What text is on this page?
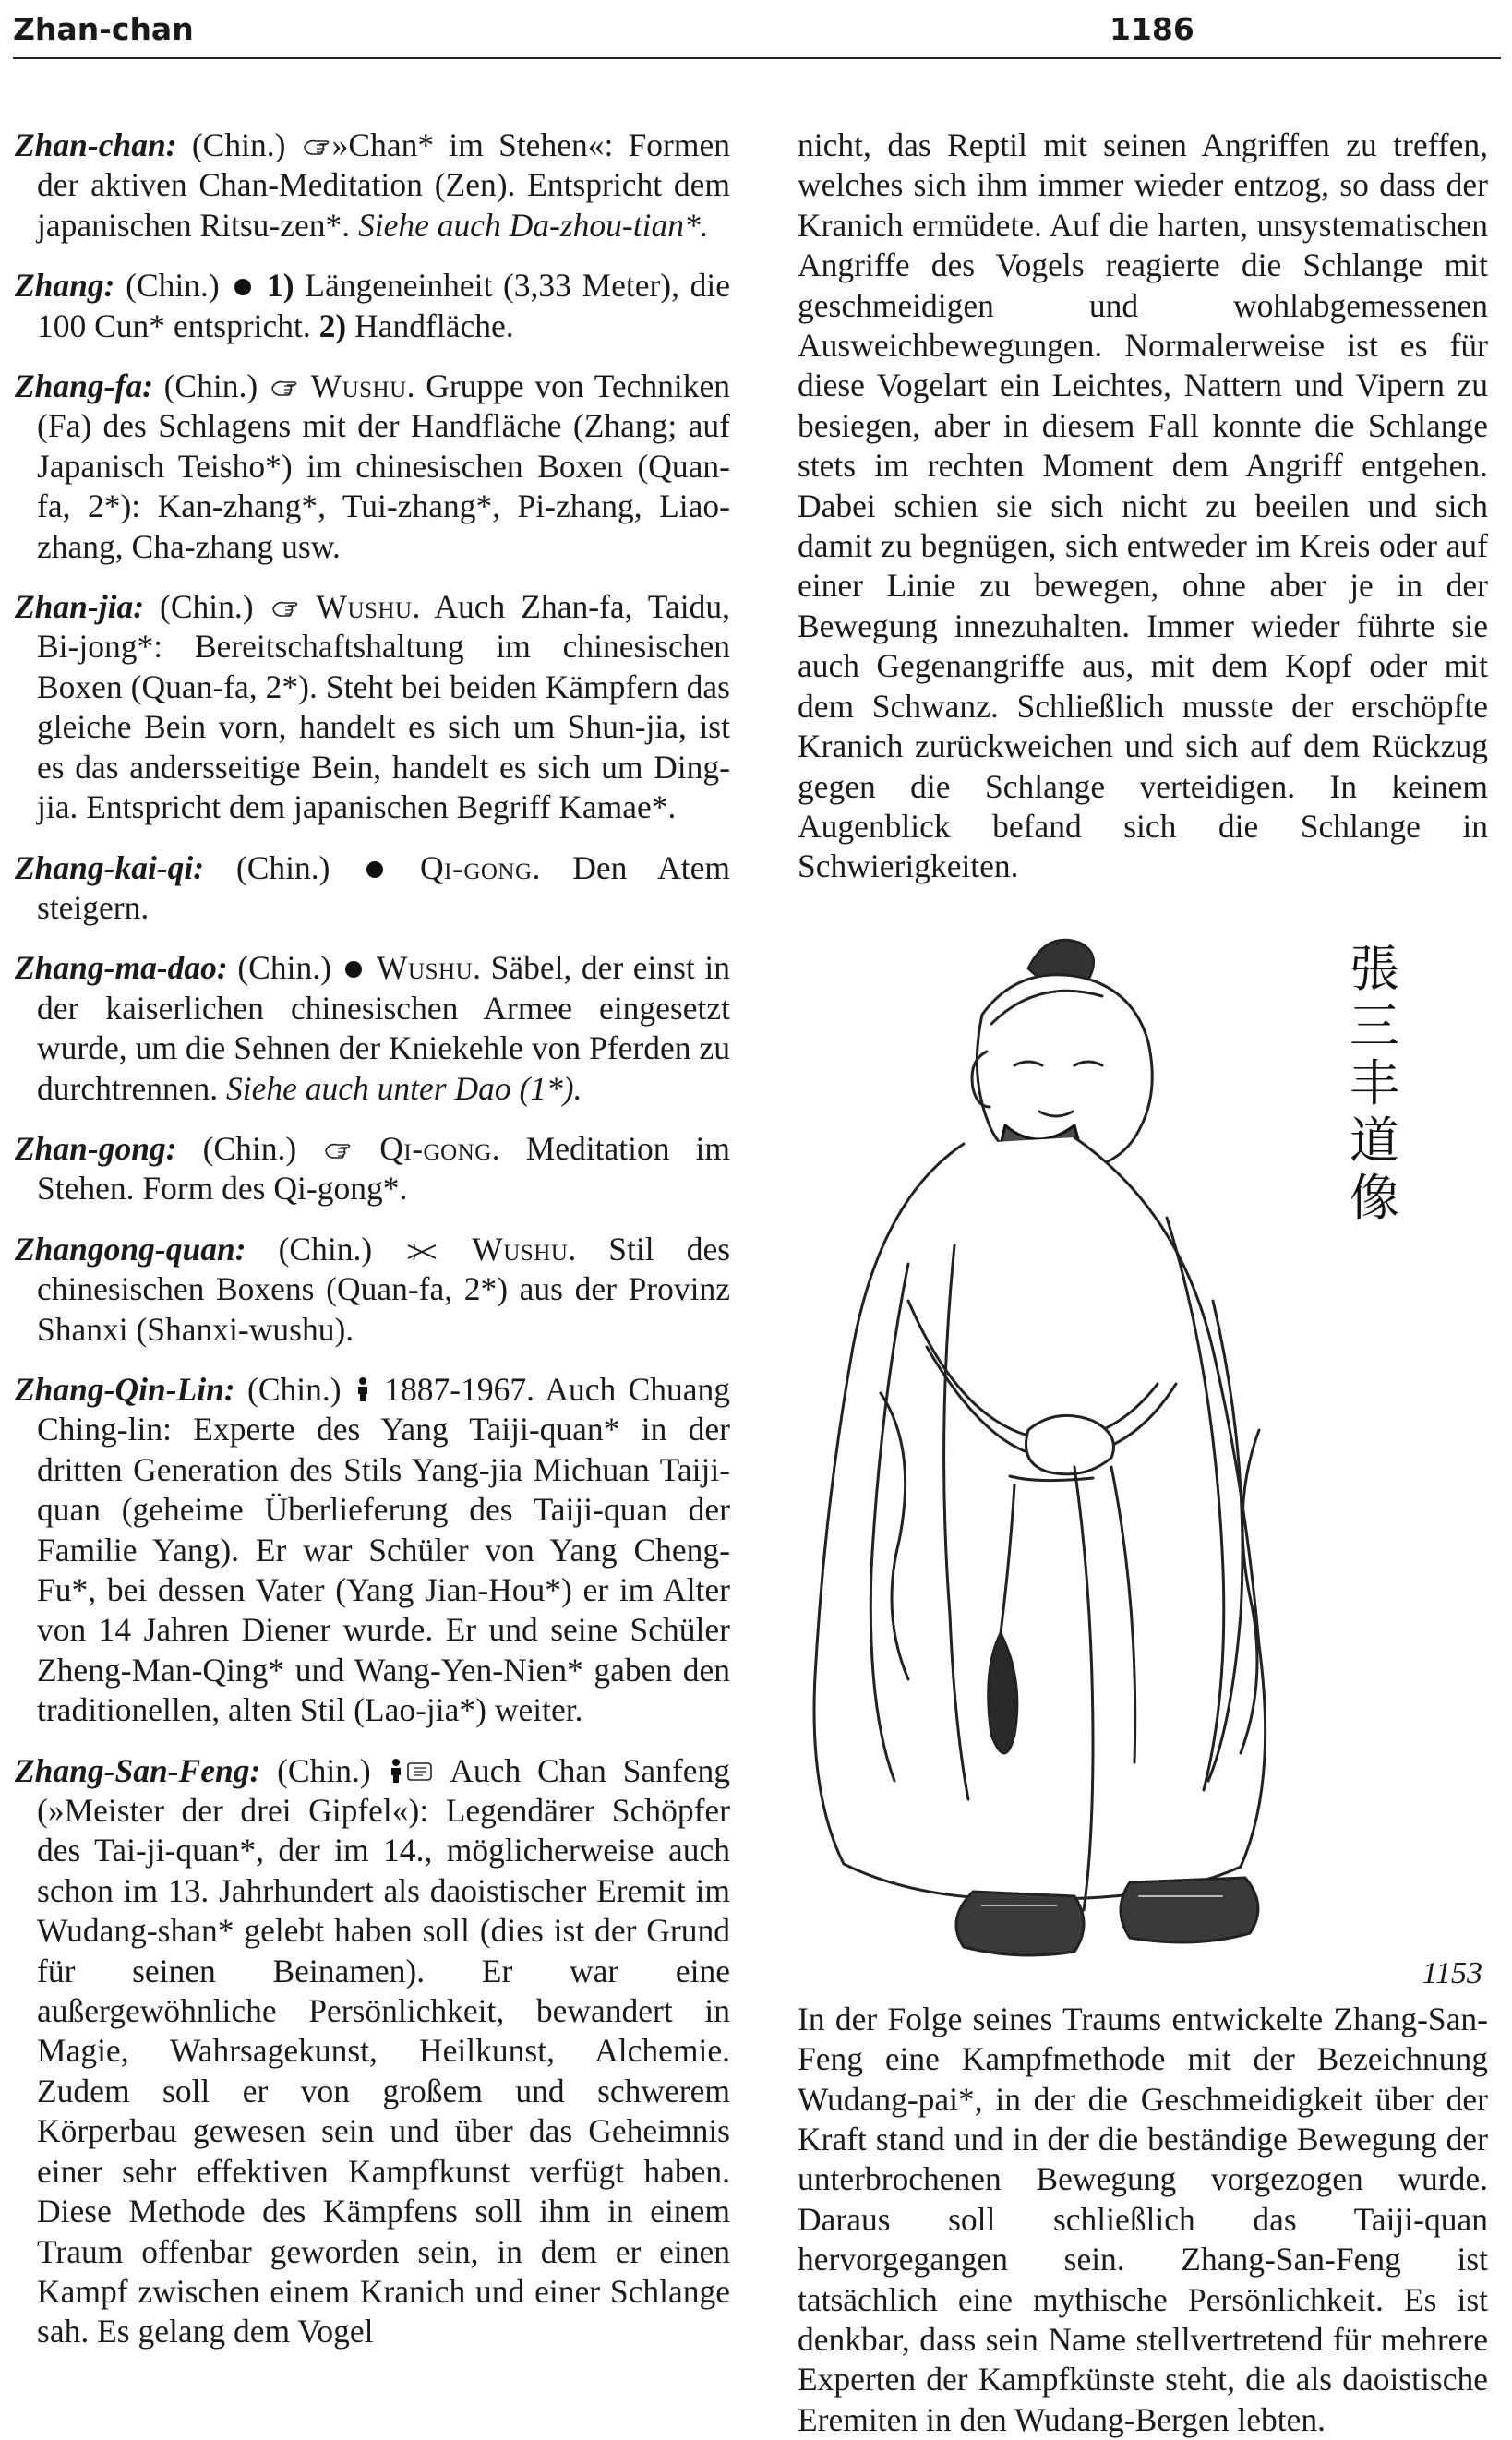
Zhan-chan	1186

Zhan-chan: (Chin.)
»Chan* im Stehen«: Formen der aktiven Chan-Meditation (Zen). Entspricht dem japanischen Ritsu-zen*. Siehe auch Da-zhou-tian*.

Zhang: (Chin.)
1) Längeneinheit (3,33 Meter), die 100 Cun* entspricht. 2) Handfläche.

Zhang-fa: (Chin.)
Wushu. Gruppe von Techniken (Fa) des Schlagens mit der Handfläche (Zhang; auf Japanisch Teisho*) im chinesischen Boxen (Quan-fa, 2*): Kan-zhang*, Tui-zhang*, Pi-zhang, Liao-zhang, Cha-zhang usw.

Zhan-jia: (Chin.)
Wushu. Auch Zhan-fa, Taidu, Bi-jong*: Bereitschaftshaltung im chinesischen Boxen (Quan-fa, 2*). Steht bei beiden Kämpfern das gleiche Bein vorn, handelt es sich um Shun-jia, ist es das andersseitige Bein, handelt es sich um Ding-jia. Entspricht dem japanischen Begriff Kamae*.

Zhang-kai-qi: (Chin.)
Qi-gong. Den Atem steigern.

Zhang-ma-dao: (Chin.)
Wushu. Säbel, der einst in der kaiserlichen chinesischen Armee eingesetzt wurde, um die Sehnen der Kniekehle von Pferden zu durchtrennen. Siehe auch unter Dao (1*).

Zhan-gong: (Chin.)
Qi-gong. Meditation im Stehen. Form des Qi-gong*.

Zhangong-quan: (Chin.)
Wushu. Stil des chinesischen Boxens (Quan-fa, 2*) aus der Provinz Shanxi (Shanxi-wushu).

Zhang-Qin-Lin: (Chin.)
1887-1967. Auch Chuang Ching-lin: Experte des Yang Taiji-quan* in der dritten Generation des Stils Yang-jia Michuan Taiji-quan (geheime Überlieferung des Taiji-quan der Familie Yang). Er war Schüler von Yang Cheng-Fu*, bei dessen Vater (Yang Jian-Hou*) er im Alter von 14 Jahren Diener wurde. Er und seine Schüler Zheng-Man-Qing* und Wang-Yen-Nien* gaben den traditionellen, alten Stil (Lao-jia*) weiter.

Zhang-San-Feng: (Chin.)
Auch Chan Sanfeng (»Meister der drei Gipfel«): Legendärer Schöpfer des Tai-ji-quan*, der im 14., möglicherweise auch schon im 13. Jahrhundert als daoistischer Eremit im Wudang-shan* gelebt haben soll (dies ist der Grund für seinen Beinamen). Er war eine außergewöhnliche Persönlichkeit, bewandert in Magie, Wahrsagekunst, Heilkunst, Alchemie. Zudem soll er von großem und schwerem Körperbau gewesen sein und über das Geheimnis einer sehr effektiven Kampfkunst verfügt haben. Diese Methode des Kämpfens soll ihm in einem Traum offenbar geworden sein, in dem er einen Kampf zwischen einem Kranich und einer Schlange sah. Es gelang dem Vogel

nicht, das Reptil mit seinen Angriffen zu treffen, welches sich ihm immer wieder entzog, so dass der Kranich ermüdete. Auf die harten, unsystematischen Angriffe des Vogels reagierte die Schlange mit geschmeidigen und wohlabgemessenen Ausweichbewegungen. Normalerweise ist es für diese Vogelart ein Leichtes, Nattern und Vipern zu besiegen, aber in diesem Fall konnte die Schlange stets im rechten Moment dem Angriff entgehen. Dabei schien sie sich nicht zu beeilen und sich damit zu begnügen, sich entweder im Kreis oder auf einer Linie zu bewegen, ohne aber je in der Bewegung innezuhalten. Immer wieder führte sie auch Gegenangriffe aus, mit dem Kopf oder mit dem Schwanz. Schließlich musste der erschöpfte Kranich zurückweichen und sich auf dem Rückzug gegen die Schlange verteidigen. In keinem Augenblick befand sich die Schlange in Schwierigkeiten.

張
三
丰
道
像
1153

In der Folge seines Traums entwickelte Zhang-San-Feng eine Kampfmethode mit der Bezeichnung Wudang-pai*, in der die Geschmeidigkeit über der Kraft stand und in der die beständige Bewegung der unterbrochenen Bewegung vorgezogen wurde. Daraus soll schließlich das Taiji-quan hervorgegangen sein. Zhang-San-Feng ist tatsächlich eine mythische Persönlichkeit. Es ist denkbar, dass sein Name stellvertretend für mehrere Experten der Kampfkünste steht, die als daoistische Eremiten in den Wudang-Bergen lebten.
